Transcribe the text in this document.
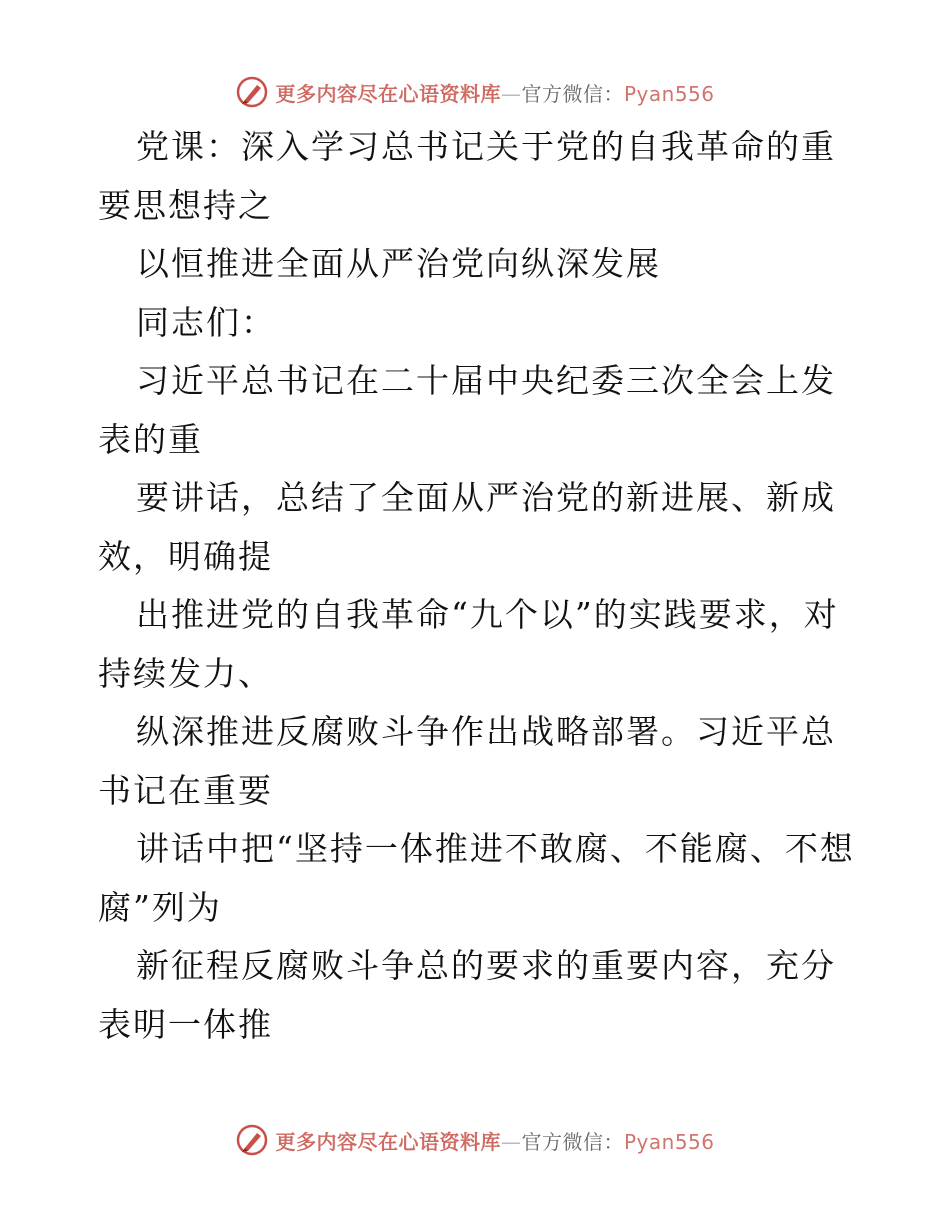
更多内容尽在心语资料库—官方微信：Pyan556

党课：深入学习总书记关于党的自我革命的重要思想持之

以恒推进全面从严治党向纵深发展

同志们：

习近平总书记在二十届中央纪委三次全会上发表的重

要讲话，总结了全面从严治党的新进展、新成效，明确提

出推进党的自我革命“九个以”的实践要求，对持续发力、

纵深推进反腐败斗争作出战略部署。习近平总书记在重要

讲话中把“坚持一体推进不敢腐、不能腐、不想腐”列为

新征程反腐败斗争总的要求的重要内容，充分表明一体推

更多内容尽在心语资料库—官方微信：Pyan556
